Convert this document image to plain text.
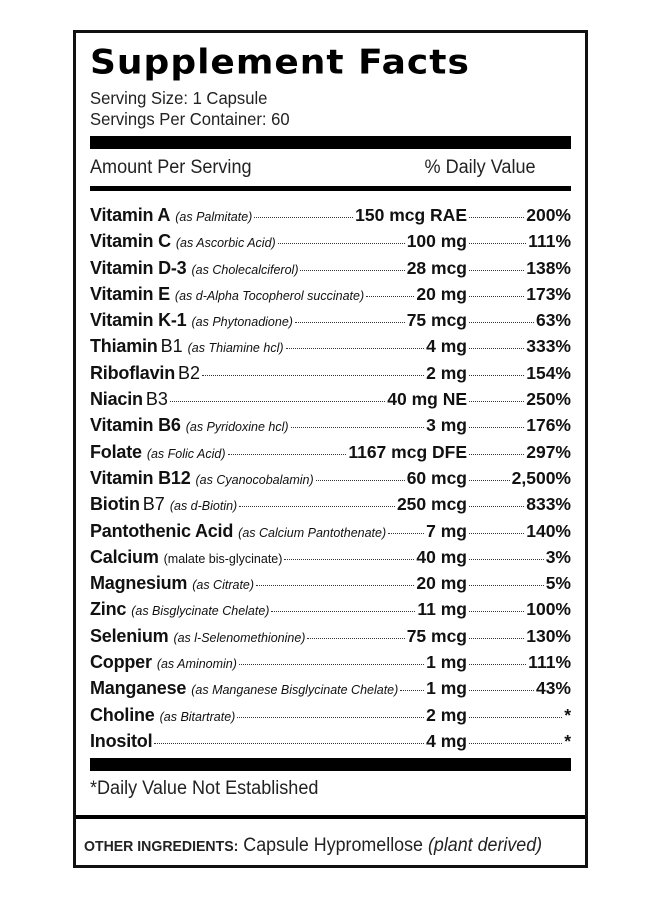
Supplement Facts
Serving Size: 1 Capsule
Servings Per Container: 60
Amount Per Serving	% Daily Value
Vitamin A (as Palmitate)	150 mcg RAE	200%
Vitamin C (as Ascorbic Acid)	100 mg	111%
Vitamin D-3 (as Cholecalciferol)	28 mcg	138%
Vitamin E (as d-Alpha Tocopherol succinate)	20 mg	173%
Vitamin K-1 (as Phytonadione)	75 mcg	63%
Thiamin B1 (as Thiamine hcl)	4 mg	333%
Riboflavin B2	2 mg	154%
Niacin B3	40 mg NE	250%
Vitamin B6 (as Pyridoxine hcl)	3 mg	176%
Folate (as Folic Acid)	1167 mcg DFE	297%
Vitamin B12 (as Cyanocobalamin)	60 mcg	2,500%
Biotin B7 (as d-Biotin)	250 mcg	833%
Pantothenic Acid (as Calcium Pantothenate) 7 mg	140%
Calcium (malate bis-glycinate)	40 mg	3%
Magnesium (as Citrate)	20 mg	5%
Zinc (as Bisglycinate Chelate)	11 mg	100%
Selenium (as l-Selenomethionine)	75 mcg	130%
Copper (as Aminomin)	1 mg	111%
Manganese (as Manganese Bisglycinate Chelate) 1 mg	43%
Choline (as Bitartrate)	2 mg	*
Inositol	4 mg	*
*Daily Value Not Established
OTHER INGREDIENTS: Capsule Hypromellose (plant derived)
